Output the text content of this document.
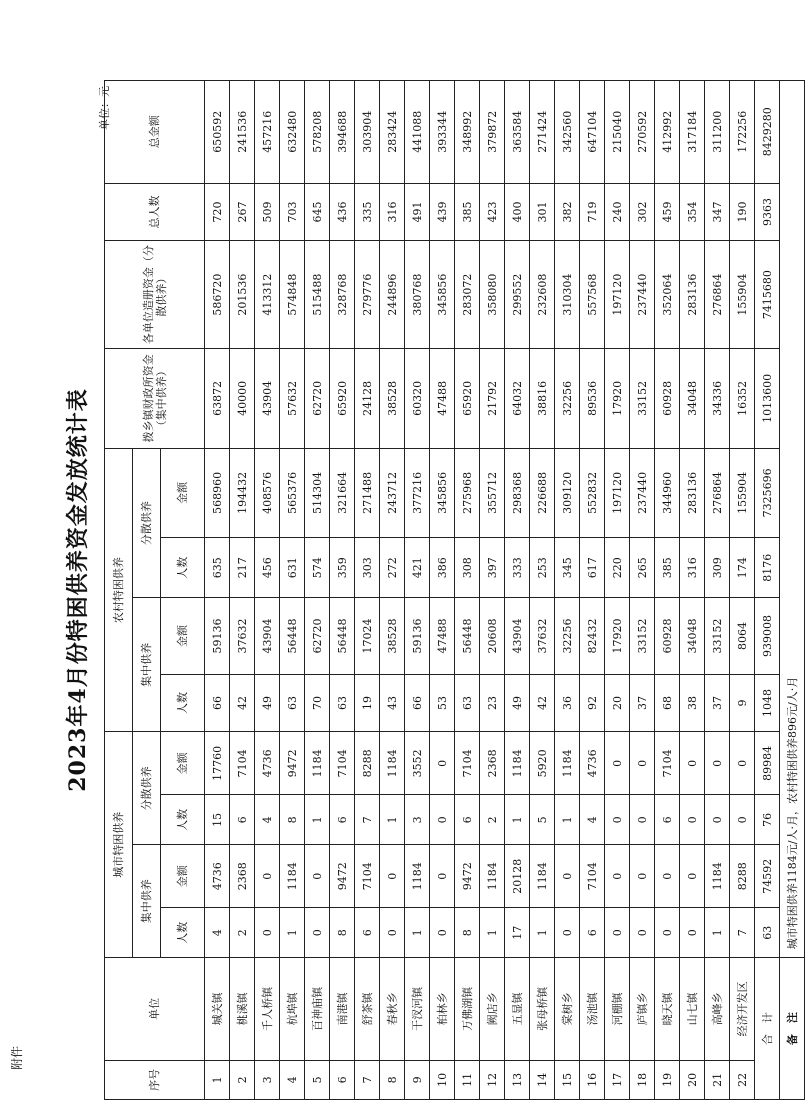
附件
2023年4月份特困供养资金发放统计表
单位：元
序号	单位	城市特困供养				农村特困供养				拨乡镇财政所资金（集中供养）	各单位造册资金（分散供养）	总人数	总金额
		集中供养		分散供养		集中供养		分散供养					
		人数	金额	人数	金额	人数	金额	人数	金额				
1	城关镇	4	4736	15	17760	66	59136	635	568960	63872	586720	720	650592
2	桃溪镇	2	2368	6	7104	42	37632	217	194432	40000	201536	267	241536
3	千人桥镇	0	0	4	4736	49	43904	456	408576	43904	413312	509	457216
4	杭埠镇	1	1184	8	9472	63	56448	631	565376	57632	574848	703	632480
5	百神庙镇	0	0	1	1184	70	62720	574	514304	62720	515488	645	578208
6	南港镇	8	9472	6	7104	63	56448	359	321664	65920	328768	436	394688
7	舒茶镇	6	7104	7	8288	19	17024	303	271488	24128	279776	335	303904
8	春秋乡	0	0	1	1184	43	38528	272	243712	38528	244896	316	283424
9	干汊河镇	1	1184	3	3552	66	59136	421	377216	60320	380768	491	441088
10	柏林乡	0	0	0	0	53	47488	386	345856	47488	345856	439	393344
11	万佛湖镇	8	9472	6	7104	63	56448	308	275968	65920	283072	385	348992
12	阙店乡	1	1184	2	2368	23	20608	397	355712	21792	358080	423	379872
13	五显镇	17	20128	1	1184	49	43904	333	298368	64032	299552	400	363584
14	张母桥镇	1	1184	5	5920	42	37632	253	226688	38816	232608	301	271424
15	棠树乡	0	0	1	1184	36	32256	345	309120	32256	310304	382	342560
16	汤池镇	6	7104	4	4736	92	82432	617	552832	89536	557568	719	647104
17	河棚镇	0	0	0	0	20	17920	220	197120	17920	197120	240	215040
18	庐镇乡	0	0	0	0	37	33152	265	237440	33152	237440	302	270592
19	晓天镇	0	0	6	7104	68	60928	385	344960	60928	352064	459	412992
20	山七镇	0	0	0	0	38	34048	316	283136	34048	283136	354	317184
21	高峰乡	1	1184	0	0	37	33152	309	276864	34336	276864	347	311200
22	经济开发区	7	8288	0	0	9	8064	174	155904	16352	155904	190	172256
合　计		63	74592	76	89984	1048	939008	8176	7325696	1013600	7415680	9363	8429280
备　注		城市特困供养1184元/人·月，农村特困供养896元/人·月											
